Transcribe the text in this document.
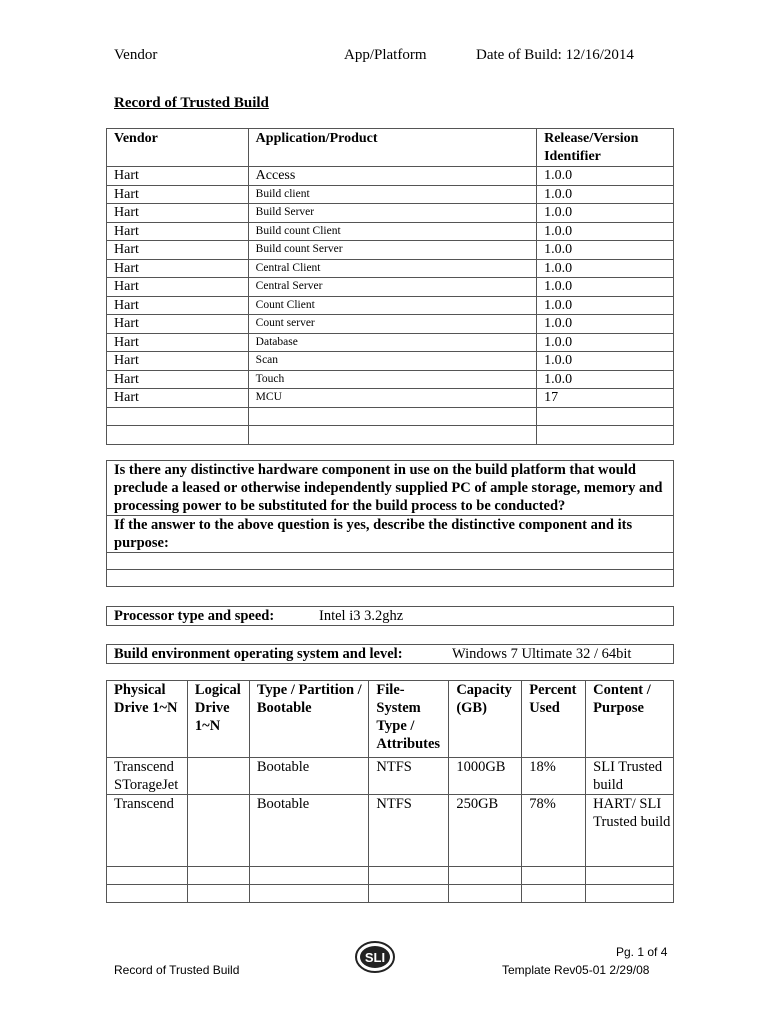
Vendor	App/Platform	Date of Build: 12/16/2014
Record of Trusted Build
Vendor	Application/Product	Release/Version
Identifier
Hart	Access	1.0.0
Hart	Build client	1.0.0
Hart	Build Server	1.0.0
Hart	Build count Client	1.0.0
Hart	Build count Server	1.0.0
Hart	Central Client	1.0.0
Hart	Central Server	1.0.0
Hart	Count Client	1.0.0
Hart	Count server	1.0.0
Hart	Database	1.0.0
Hart	Scan	1.0.0
Hart	Touch	1.0.0
Hart	MCU	17

Is there any distinctive hardware component in use on the build platform that would preclude a leased or otherwise independently supplied PC of ample storage, memory and processing power to be substituted for the build process to be conducted?
If the answer to the above question is yes, describe the distinctive component and its purpose:

Processor type and speed:	Intel i3 3.2ghz
Build environment operating system and level:	Windows 7 Ultimate 32 / 64bit
Physical Drive 1~N	Logical Drive 1~N	Type / Partition / Bootable	File-System Type / Attributes	Capacity (GB)	Percent Used	Content / Purpose
Transcend STorageJet		Bootable	NTFS	1000GB	18%	SLI Trusted build
Transcend		Bootable	NTFS	250GB	78%	HART/ SLI Trusted build

Record of Trusted Build
SLI	Pg. 1 of 4
Template Rev05-01 2/29/08
